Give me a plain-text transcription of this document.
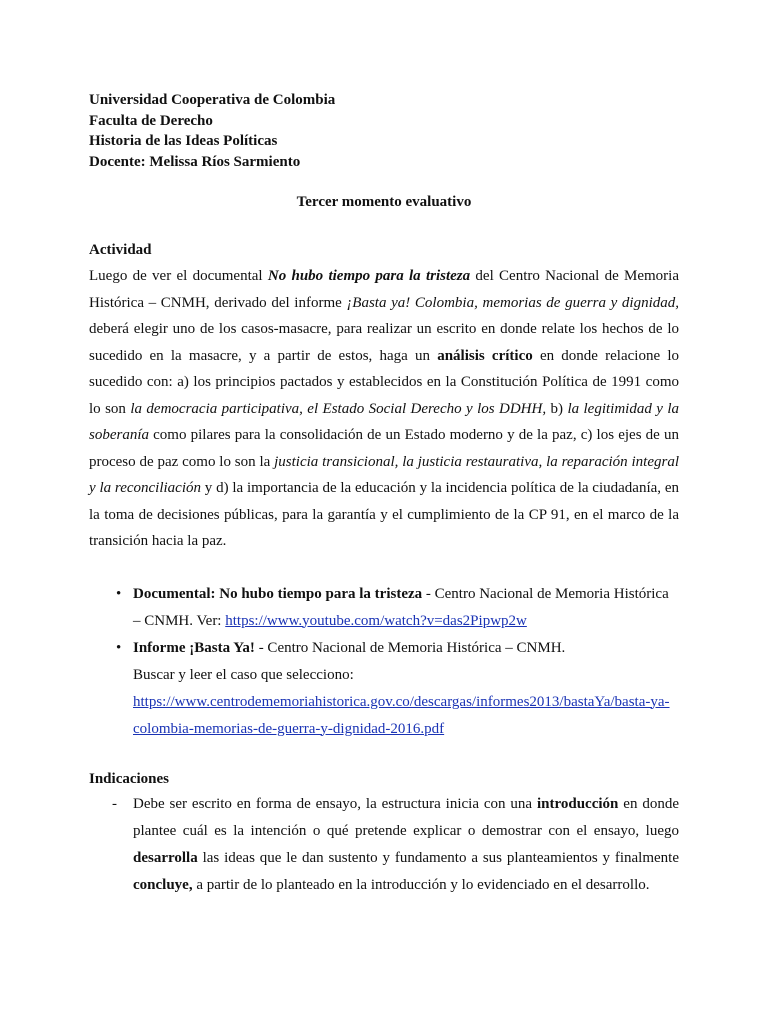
Universidad Cooperativa de Colombia
Faculta de Derecho
Historia de las Ideas Políticas
Docente: Melissa Ríos Sarmiento
Tercer momento evaluativo
Actividad
Luego de ver el documental No hubo tiempo para la tristeza del Centro Nacional de Memoria Histórica – CNMH, derivado del informe ¡Basta ya! Colombia, memorias de guerra y dignidad, deberá elegir uno de los casos-masacre, para realizar un escrito en donde relate los hechos de lo sucedido en la masacre, y a partir de estos, haga un análisis crítico en donde relacione lo sucedido con: a) los principios pactados y establecidos en la Constitución Política de 1991 como lo son la democracia participativa, el Estado Social Derecho y los DDHH, b) la legitimidad y la soberanía como pilares para la consolidación de un Estado moderno y de la paz, c) los ejes de un proceso de paz como lo son la justicia transicional, la justicia restaurativa, la reparación integral y la reconciliación y d) la importancia de la educación y la incidencia política de la ciudadanía, en la toma de decisiones públicas, para la garantía y el cumplimiento de la CP 91, en el marco de la transición hacia la paz.
• Documental: No hubo tiempo para la tristeza - Centro Nacional de Memoria Histórica – CNMH. Ver: https://www.youtube.com/watch?v=das2Pipwp2w
• Informe ¡Basta Ya! - Centro Nacional de Memoria Histórica – CNMH.
Buscar y leer el caso que selecciono:
https://www.centrodememoriahistorica.gov.co/descargas/informes2013/bastaYa/basta-ya-colombia-memorias-de-guerra-y-dignidad-2016.pdf
Indicaciones
- Debe ser escrito en forma de ensayo, la estructura inicia con una introducción en donde plantee cuál es la intención o qué pretende explicar o demostrar con el ensayo, luego desarrolla las ideas que le dan sustento y fundamento a sus planteamientos y finalmente concluye, a partir de lo planteado en la introducción y lo evidenciado en el desarrollo.
